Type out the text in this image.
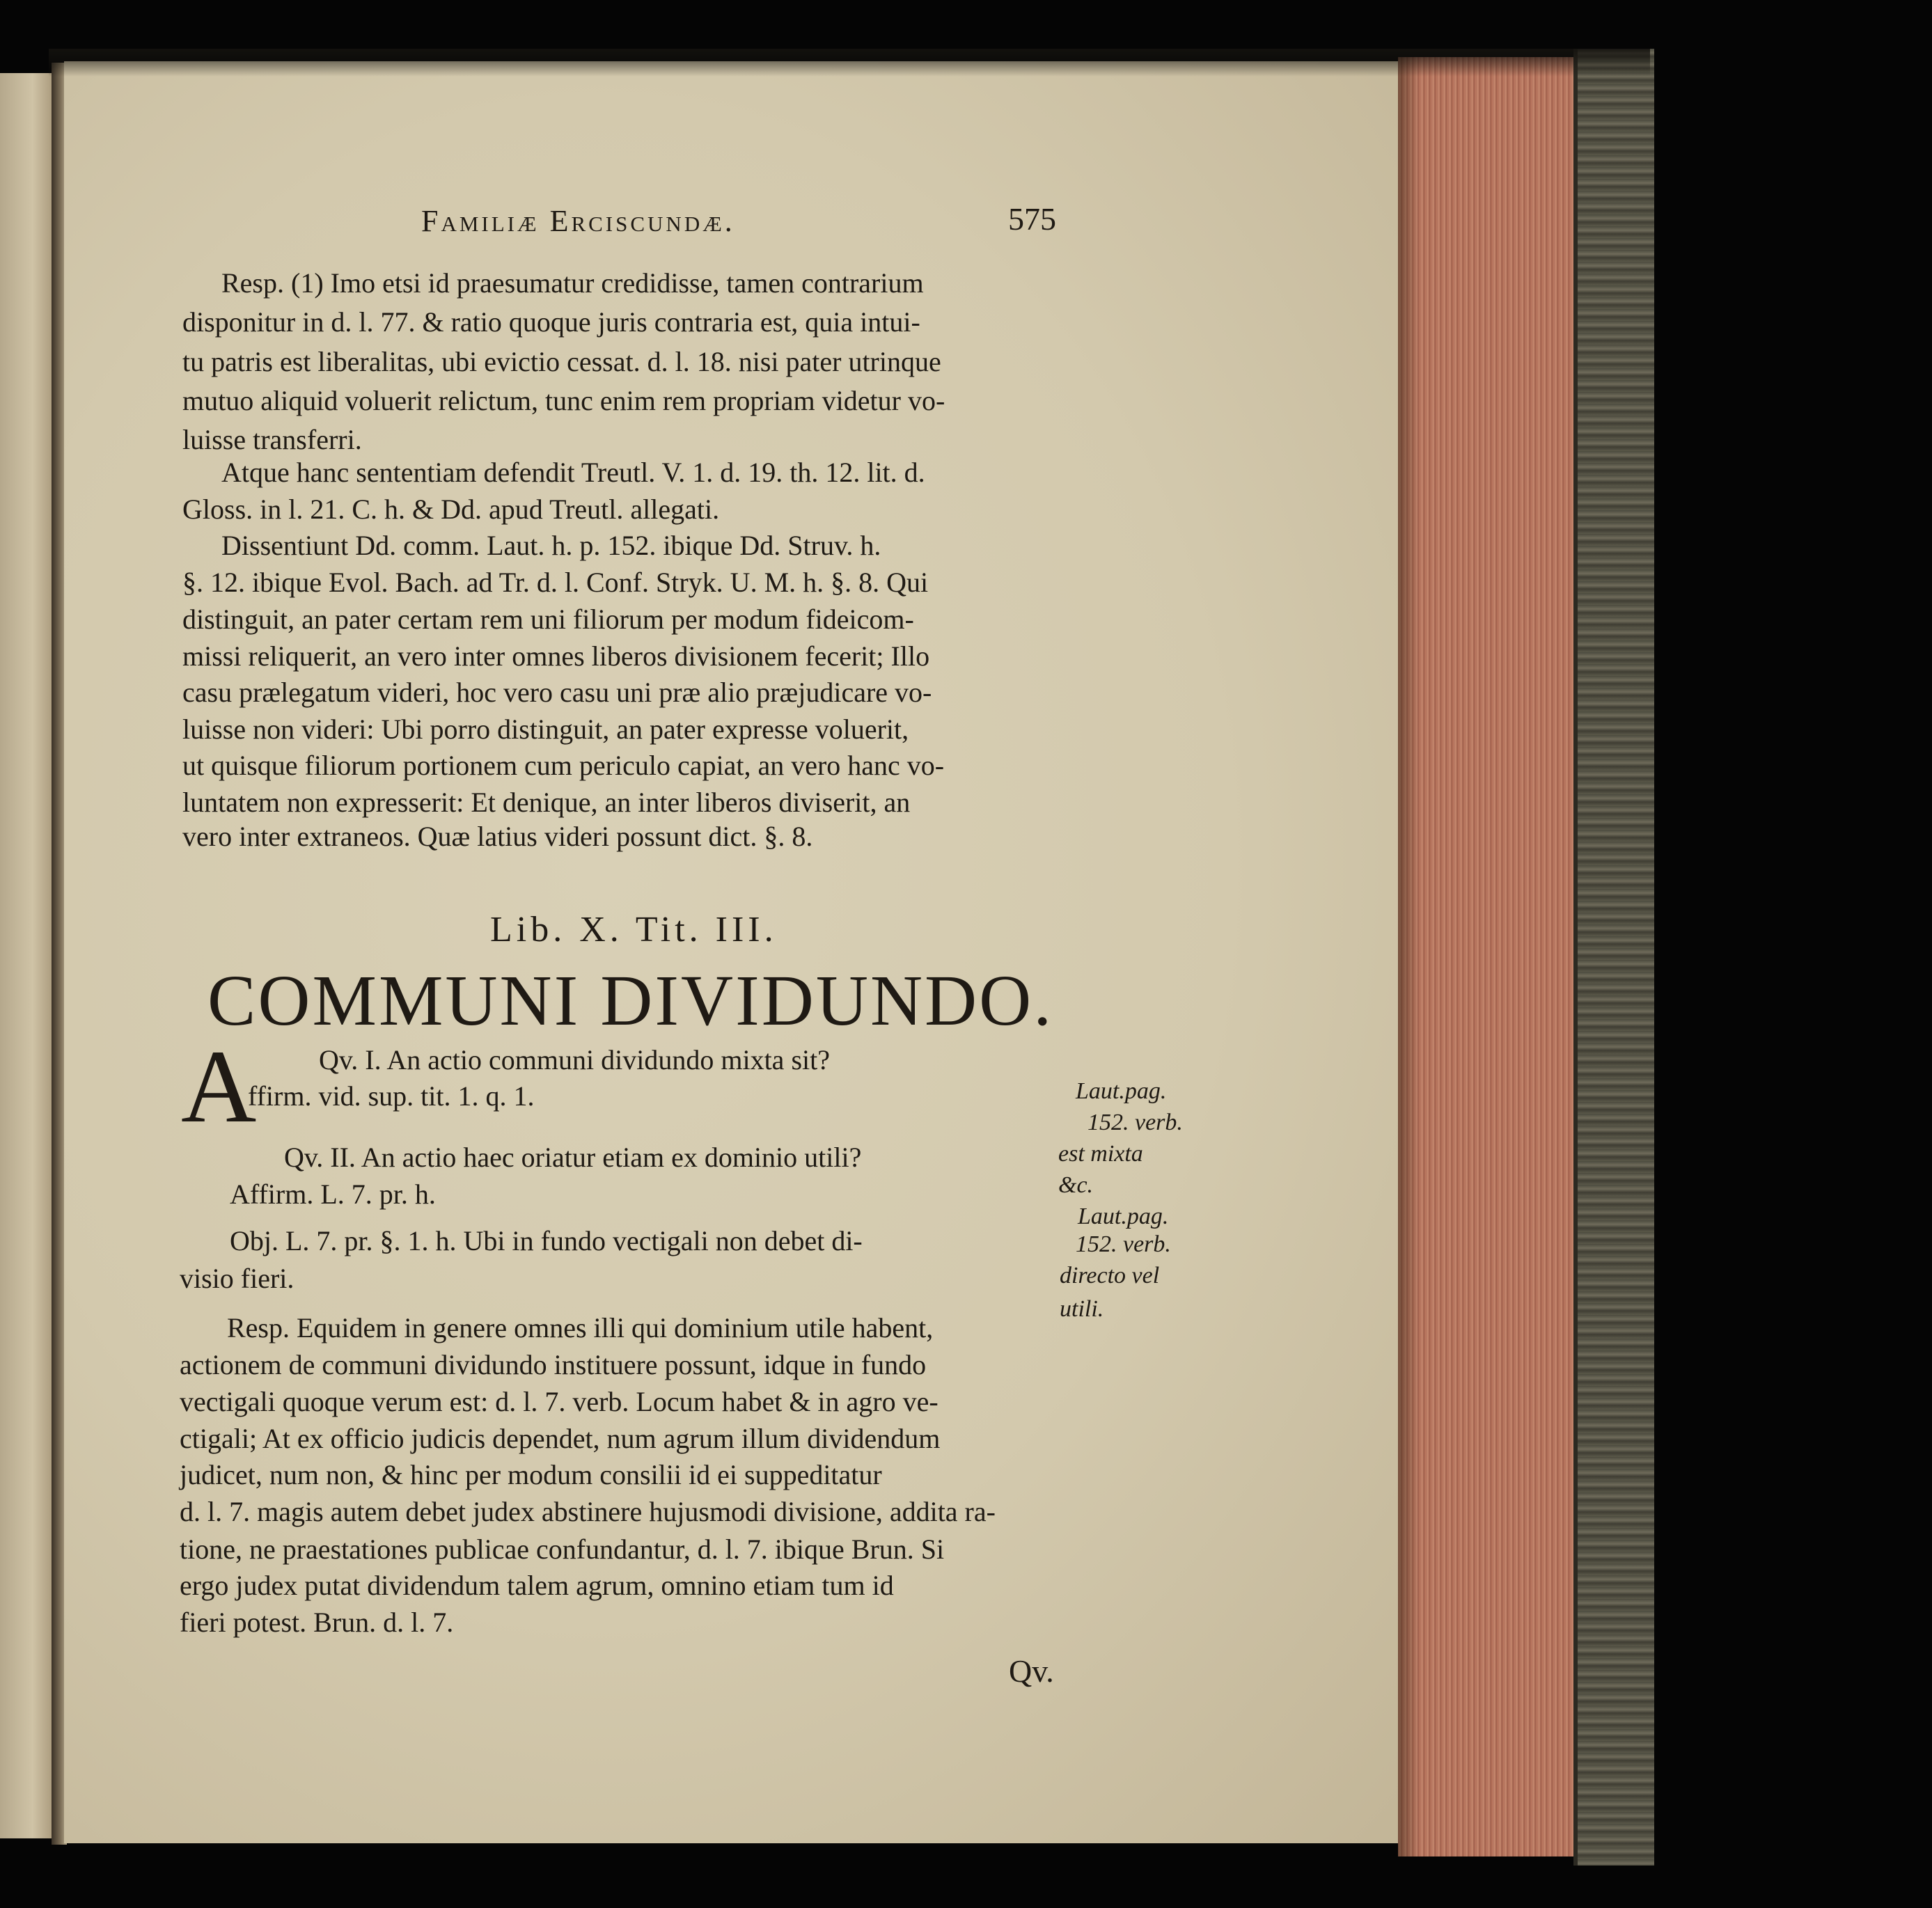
Familiæ Erciscundæ.	575
Resp. (1) Imo etsi id praesumatur credidisse, tamen contrarium
disponitur in d. l. 77. & ratio quoque juris contraria est, quia intui-
tu patris est liberalitas, ubi evictio cessat. d. l. 18. nisi pater utrinque
mutuo aliquid voluerit relictum, tunc enim rem propriam videtur vo-
luisse transferri.
Atque hanc sententiam defendit Treutl. V. 1. d. 19. th. 12. lit. d.
Gloss. in l. 21. C. h. & Dd. apud Treutl. allegati.
Dissentiunt Dd. comm. Laut. h. p. 152. ibique Dd. Struv. h.
§. 12. ibique Evol. Bach. ad Tr. d. l. Conf. Stryk. U. M. h. §. 8. Qui
distinguit, an pater certam rem uni filiorum per modum fideicom-
missi reliquerit, an vero inter omnes liberos divisionem fecerit; Illo
casu prælegatum videri, hoc vero casu uni præ alio præjudicare vo-
luisse non videri: Ubi porro distinguit, an pater expresse voluerit,
ut quisque filiorum portionem cum periculo capiat, an vero hanc vo-
luntatem non expresserit: Et denique, an inter liberos diviserit, an
vero inter extraneos. Quæ latius videri possunt dict. §. 8.
Lib. X. Tit. III.
COMMUNI DIVIDUNDO.
A Qv. I. An actio communi dividundo mixta sit?
ffirm. vid. sup. tit. 1. q. 1.
Qv. II. An actio haec oriatur etiam ex dominio utili?
Affirm. L. 7. pr. h.
Obj. L. 7. pr. §. 1. h. Ubi in fundo vectigali non debet di-
visio fieri.
Resp. Equidem in genere omnes illi qui dominium utile habent,
actionem de communi dividundo instituere possunt, idque in fundo
vectigali quoque verum est: d. l. 7. verb. Locum habet & in agro ve-
ctigali; At ex officio judicis dependet, num agrum illum dividendum
judicet, num non, & hinc per modum consilii id ei suppeditatur
d. l. 7. magis autem debet judex abstinere hujusmodi divisione, addita ra-
tione, ne praestationes publicae confundantur, d. l. 7. ibique Brun. Si
ergo judex putat dividendum talem agrum, omnino etiam tum id
fieri potest. Brun. d. l. 7.
Laut.pag.
152. verb.
est mixta
&c.
Laut.pag.
152. verb.
directo vel
utili.
Qv.
